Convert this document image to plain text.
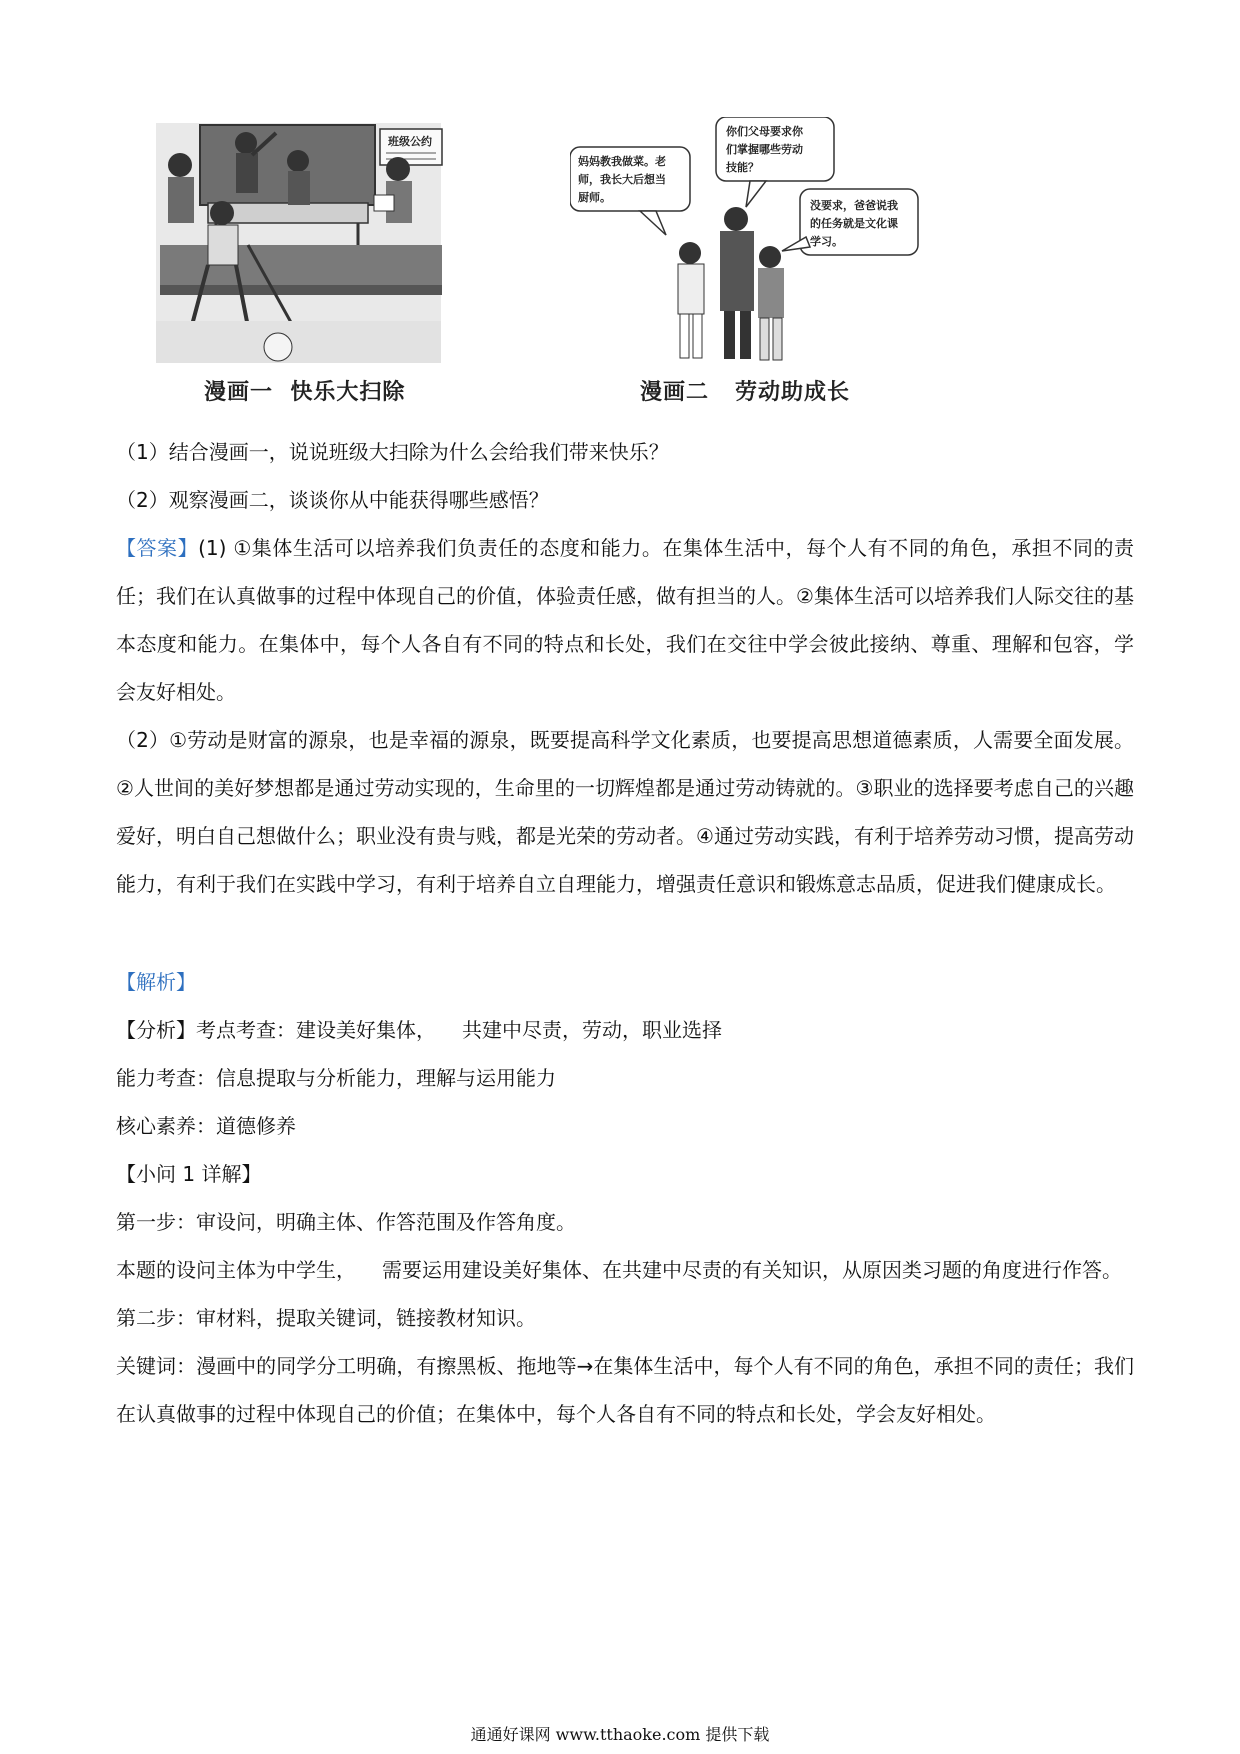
班级公约
漫画一  快乐大扫除
你们父母要求你
们掌握哪些劳动
技能？
妈妈教我做菜。老
师，我长大后想当
厨师。
没要求，爸爸说我
的任务就是文化课
学习。
漫画二   劳动助成长

（1）结合漫画一，说说班级大扫除为什么会给我们带来快乐？

（2）观察漫画二，谈谈你从中能获得哪些感悟？

【答案】(1) ①集体生活可以培养我们负责任的态度和能力。在集体生活中，每个人有不同的角色，承担不同的责任；我们在认真做事的过程中体现自己的价值，体验责任感，做有担当的人。②集体生活可以培养我们人际交往的基本态度和能力。在集体中，每个人各自有不同的特点和长处，我们在交往中学会彼此接纳、尊重、理解和包容，学会友好相处。

（2）①劳动是财富的源泉，也是幸福的源泉，既要提高科学文化素质，也要提高思想道德素质，人需要全面发展。②人世间的美好梦想都是通过劳动实现的，生命里的一切辉煌都是通过劳动铸就的。③职业的选择要考虑自己的兴趣爱好，明白自己想做什么；职业没有贵与贱，都是光荣的劳动者。④通过劳动实践，有利于培养劳动习惯，提高劳动能力，有利于我们在实践中学习，有利于培养自立自理能力，增强责任意识和锻炼意志品质，促进我们健康成长。

【解析】

【分析】考点考查：建设美好集体， 共建中尽责，劳动，职业选择

能力考查：信息提取与分析能力，理解与运用能力

核心素养：道德修养

【小问 1 详解】

第一步：审设问，明确主体、作答范围及作答角度。

本题的设问主体为中学生， 需要运用建设美好集体、在共建中尽责的有关知识，从原因类习题的角度进行作答。

第二步：审材料，提取关键词，链接教材知识。

关键词：漫画中的同学分工明确，有擦黑板、拖地等→在集体生活中，每个人有不同的角色，承担不同的责任；我们在认真做事的过程中体现自己的价值；在集体中，每个人各自有不同的特点和长处，学会友好相处。

通通好课网 www.tthaoke.com 提供下载
